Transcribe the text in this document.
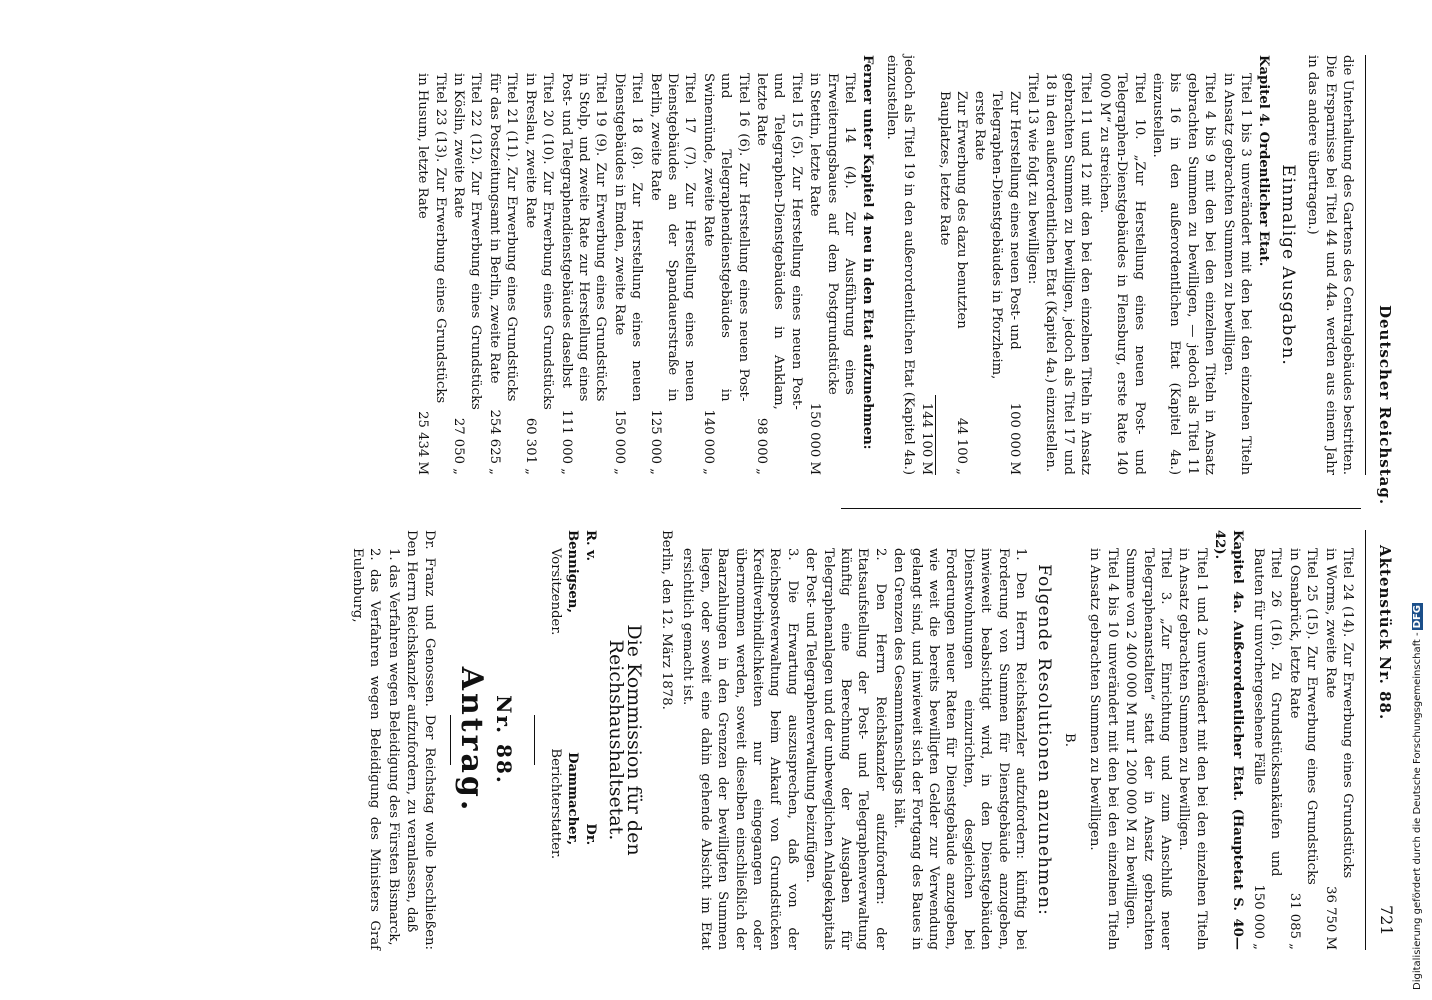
Deutscher Reichstag.
Aktenstück Nr. 88.
721

die Unterhaltung des Gartens des Centralgebäudes bestritten. Die Ersparnisse bei Titel 44 und 44a. werden aus einem Jahr in das andere übertragen.)

Einmalige Ausgaben.

Kapitel 4. Ordentlicher Etat.

Titel 1 bis 3 unverändert mit den bei den einzelnen Titeln in Ansatz gebrachten Summen zu bewilligen.

Titel 4 bis 9 mit den bei den einzelnen Titeln in Ansatz gebrachten Summen zu bewilligen, — jedoch als Titel 11 bis 16 in den außerordentlichen Etat (Kapitel 4a.) einzustellen.

Titel 10. „Zur Herstellung eines neuen Post- und Telegraphen-Dienstgebäudes in Flensburg, erste Rate 140 000 M“ zu streichen.

Titel 11 und 12 mit den bei den einzelnen Titeln in Ansatz gebrachten Summen zu bewilligen, jedoch als Titel 17 und 18 in den außerordentlichen Etat (Kapitel 4a.) einzustellen.

Titel 13 wie folgt zu bewilligen:

Zur Herstellung eines neuen Post- und Telegraphen-Dienstgebäudes in Pforzheim, erste Rate
100 000 M
Zur Erwerbung des dazu benutzten Bauplatzes, letzte Rate
44 100 „
144 100 M

jedoch als Titel 19 in den außerordentlichen Etat (Kapitel 4a.) einzustellen.

Ferner unter Kapitel 4 neu in den Etat aufzunehmen:

Titel 14 (4). Zur Ausführung eines Erweiterungsbaues auf dem Postgrundstücke in Stettin, letzte Rate
150 000 M
Titel 15 (5). Zur Herstellung eines neuen Post- und Telegraphen-Dienstgebäudes in Anklam, letzte Rate
98 000 „
Titel 16 (6). Zur Herstellung eines neuen Post- und Telegraphendienstgebäudes in Swinemünde, zweite Rate
140 000 „
Titel 17 (7). Zur Herstellung eines neuen Dienstgebäudes an der Spandauerstraße in Berlin, zweite Rate
125 000 „
Titel 18 (8). Zur Herstellung eines neuen Dienstgebäudes in Emden, zweite Rate
150 000 „
Titel 19 (9). Zur Erwerbung eines Grundstücks in Stolp, und zweite Rate zur Herstellung eines Post- und Telegraphendienstgebäudes daselbst
111 000 „
Titel 20 (10). Zur Erwerbung eines Grundstücks in Breslau, zweite Rate
60 301 „
Titel 21 (11). Zur Erwerbung eines Grundstücks für das Postzeitungsamt in Berlin, zweite Rate
254 625 „
Titel 22 (12). Zur Erwerbung eines Grundstücks in Köslin, zweite Rate
27 050 „
Titel 23 (13). Zur Erwerbung eines Grundstücks in Husum, letzte Rate
25 434 M
Titel 24 (14). Zur Erwerbung eines Grundstücks in Worms, zweite Rate
36 750 M
Titel 25 (15). Zur Erwerbung eines Grundstücks in Osnabrück, letzte Rate
31 085 „
Titel 26 (16). Zu Grundstücksankäufen und Bauten für unvorhergesehene Fälle
150 000 „

Kapitel 4a. Außerordentlicher Etat. (Hauptetat S. 40—42).

Titel 1 und 2 unverändert mit den bei den einzelnen Titeln in Ansatz gebrachten Summen zu bewilligen.

Titel 3. „Zur Einrichtung und zum Anschluß neuer Telegraphenanstalten“ statt der in Ansatz gebrachten Summe von 2 400 000 M nur 1 200 000 M zu bewilligen.

Titel 4 bis 10 unverändert mit den bei den einzelnen Titeln in Ansatz gebrachten Summen zu bewilligen.

B.
Folgende Resolutionen anzunehmen:

1. Den Herrn Reichskanzler aufzufordern: künftig bei Forderung von Summen für Dienstgebäude anzugeben, inwieweit beabsichtigt wird, in den Dienstgebäuden Dienstwohnungen einzurichten, desgleichen bei Forderungen neuer Raten für Dienstgebäude anzugeben, wie weit die bereits bewilligten Gelder zur Verwendung gelangt sind, und inwieweit sich der Fortgang des Baues in den Grenzen des Gesammtanschlags hält.

2. Den Herrn Reichskanzler aufzufordern: der Etatsaufstellung der Post- und Telegraphenverwaltung künftig eine Berechnung der Ausgaben für Telegraphenanlagen und der unbeweglichen Anlagekapitals der Post- und Telegraphenverwaltung beizufügen.

3. Die Erwartung auszusprechen, daß von der Reichspostverwaltung beim Ankauf von Grundstücken Kreditverbindlichkeiten nur eingegangen oder übernommen werden, soweit dieselben einschließlich der Baarzahlungen in den Grenzen der bewilligten Summen liegen, oder soweit eine dahin gehende Absicht im Etat ersichtlich gemacht ist.

Berlin, den 12. März 1878.

Die Kommission für den Reichshaushaltsetat.
R. v. Bennigsen,
Vorsitzender.
Dr. Dammacher,
Berichterstatter.
Nr. 88.
Antrag.

Dr. Franz und Genossen. Der Reichstag wolle beschließen: Den Herrn Reichskanzler aufzufordern, zu veranlassen, daß

1. das Verfahren wegen Beleidigung des Fürsten Bismarck,

2. das Verfahren wegen Beleidigung des Ministers Graf Eulenburg,

Digitalisierung gefördert durch die Deutsche Forschungsgemeinschaft -DFG
